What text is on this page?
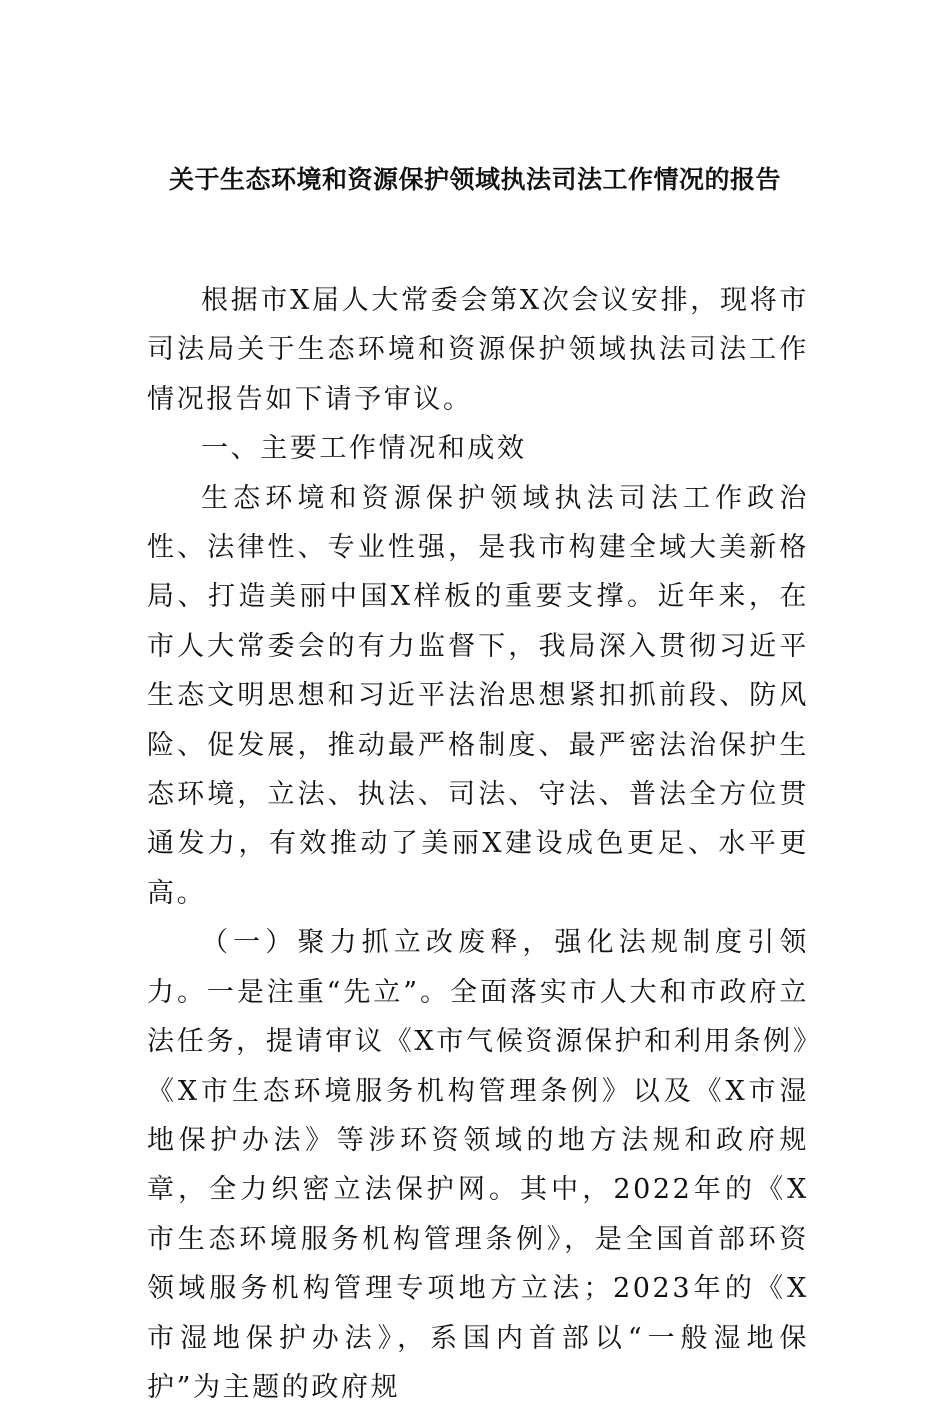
关于生态环境和资源保护领域执法司法工作情况的报告

根据市X届人大常委会第X次会议安排，现将市司法局关于生态环境和资源保护领域执法司法工作情况报告如下请予审议。

一、主要工作情况和成效

生态环境和资源保护领域执法司法工作政治性、法律性、专业性强，是我市构建全域大美新格局、打造美丽中国X样板的重要支撑。近年来，在市人大常委会的有力监督下，我局深入贯彻习近平生态文明思想和习近平法治思想紧扣抓前段、防风险、促发展，推动最严格制度、最严密法治保护生态环境，立法、执法、司法、守法、普法全方位贯通发力，有效推动了美丽X建设成色更足、水平更高。

（一）聚力抓立改废释，强化法规制度引领力。一是注重“先立”。全面落实市人大和市政府立法任务，提请审议《X市气候资源保护和利用条例》《X市生态环境服务机构管理条例》以及《X市湿地保护办法》等涉环资领域的地方法规和政府规章，全力织密立法保护网。其中，2022年的《X市生态环境服务机构管理条例》，是全国首部环资领域服务机构管理专项地方立法；2023年的《X市湿地保护办法》，系国内首部以“一般湿地保护”为主题的政府规
